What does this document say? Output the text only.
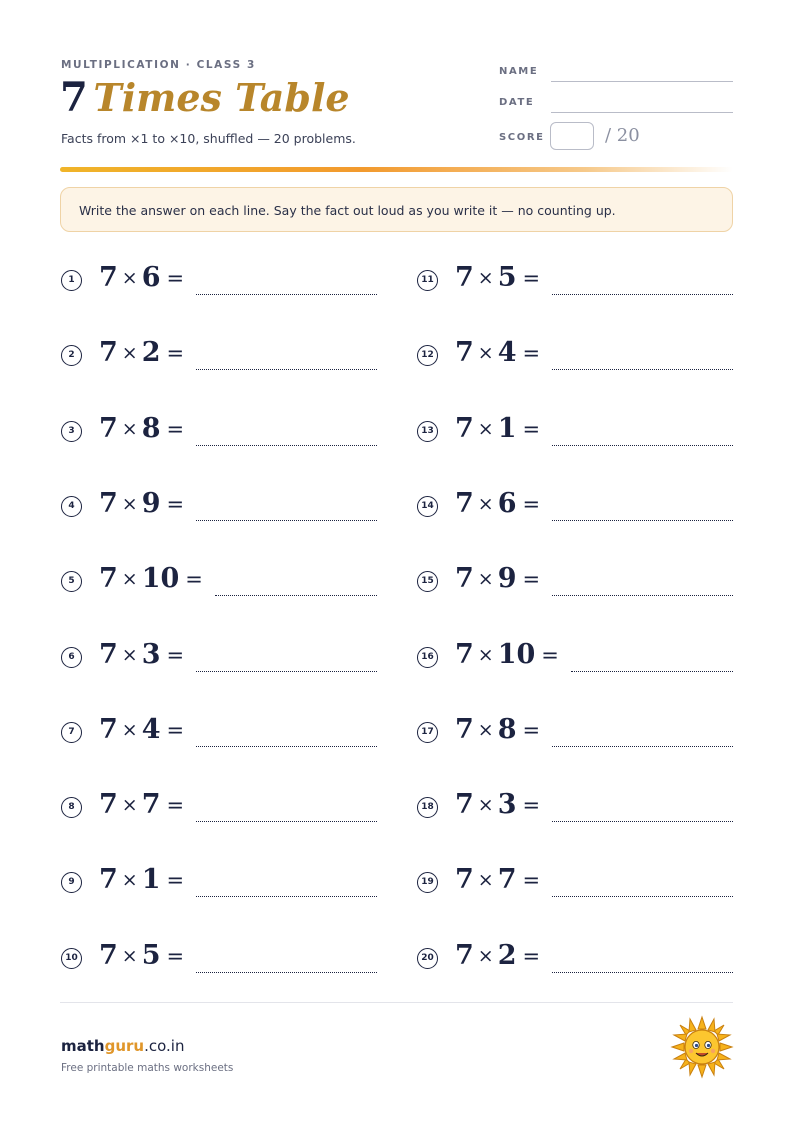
MULTIPLICATION · CLASS 3
7 Times Table
Facts from ×1 to ×10, shuffled — 20 problems.
NAME
DATE
SCORE	/ 20
Write the answer on each line. Say the fact out loud as you write it — no counting up.
1 7 × 6 =
2 7 × 2 =
3 7 × 8 =
4 7 × 9 =
5 7 × 10 =
6 7 × 3 =
7 7 × 4 =
8 7 × 7 =
9 7 × 1 =
10 7 × 5 =
11 7 × 5 =
12 7 × 4 =
13 7 × 1 =
14 7 × 6 =
15 7 × 9 =
16 7 × 10 =
17 7 × 8 =
18 7 × 3 =
19 7 × 7 =
20 7 × 2 =
mathguru.co.in
Free printable maths worksheets
